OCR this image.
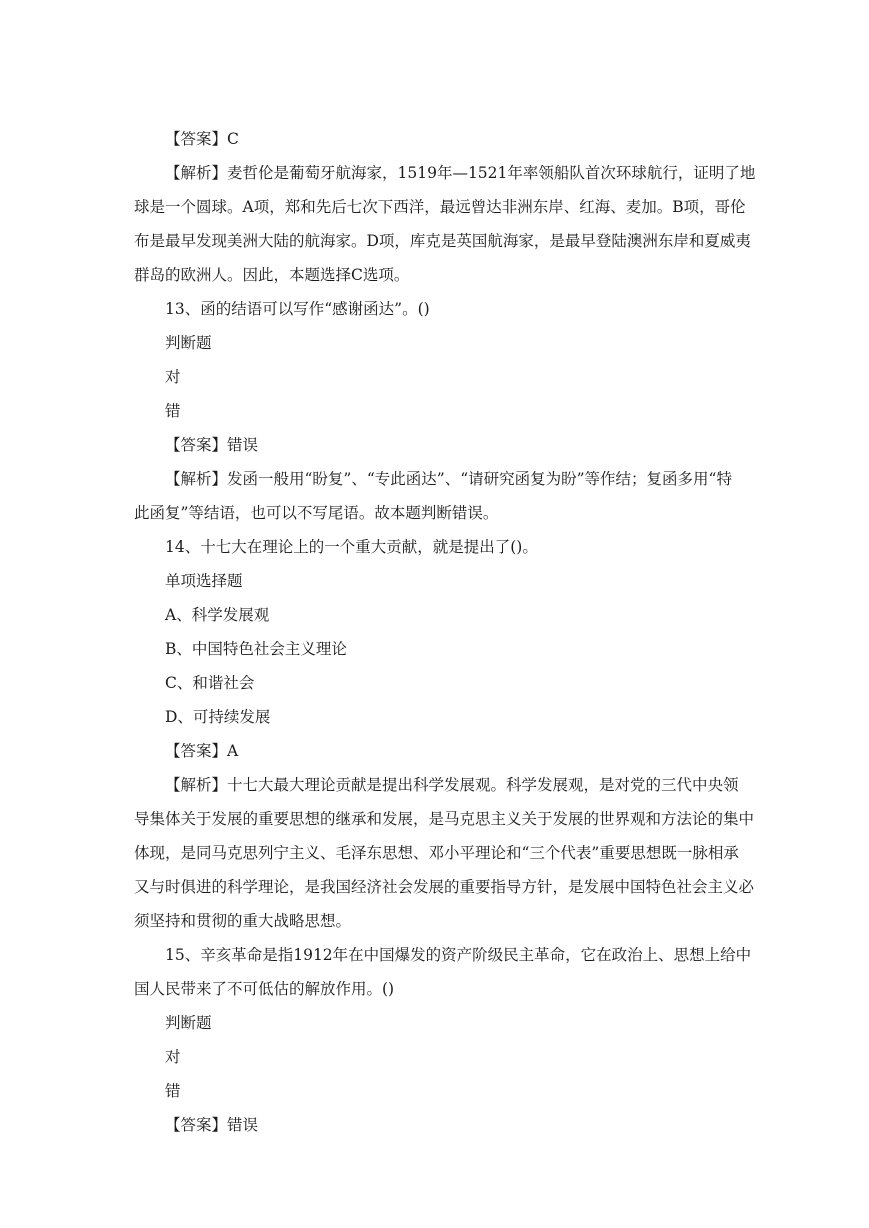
【答案】C

【解析】麦哲伦是葡萄牙航海家，1519年—1521年率领船队首次环球航行，证明了地
球是一个圆球。A项，郑和先后七次下西洋，最远曾达非洲东岸、红海、麦加。B项，哥伦
布是最早发现美洲大陆的航海家。D项，库克是英国航海家，是最早登陆澳洲东岸和夏威夷
群岛的欧洲人。因此，本题选择C选项。

13、函的结语可以写作“感谢函达”。()

判断题

对

错

【答案】错误

【解析】发函一般用“盼复”、“专此函达”、“请研究函复为盼”等作结；复函多用“特
此函复”等结语，也可以不写尾语。故本题判断错误。

14、十七大在理论上的一个重大贡献，就是提出了()。

单项选择题

A、科学发展观

B、中国特色社会主义理论

C、和谐社会

D、可持续发展

【答案】A

【解析】十七大最大理论贡献是提出科学发展观。科学发展观，是对党的三代中央领
导集体关于发展的重要思想的继承和发展，是马克思主义关于发展的世界观和方法论的集中
体现，是同马克思列宁主义、毛泽东思想、邓小平理论和“三个代表”重要思想既一脉相承
又与时俱进的科学理论，是我国经济社会发展的重要指导方针，是发展中国特色社会主义必
须坚持和贯彻的重大战略思想。

15、辛亥革命是指1912年在中国爆发的资产阶级民主革命，它在政治上、思想上给中
国人民带来了不可低估的解放作用。()

判断题

对

错

【答案】错误
